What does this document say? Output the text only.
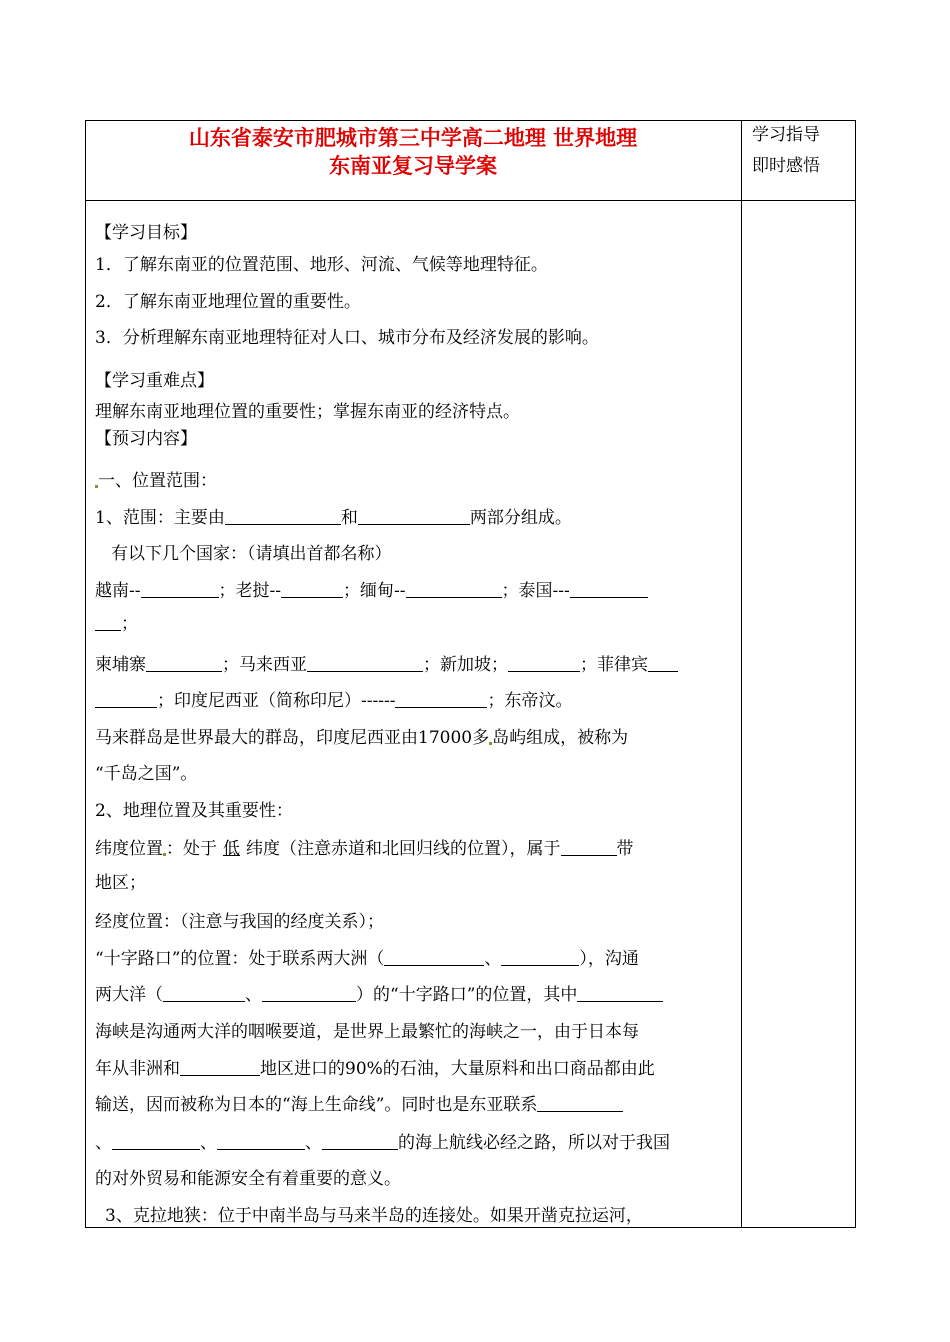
山东省泰安市肥城市第三中学高二地理 世界地理
东南亚复习导学案
学习指导
即时感悟
【学习目标】
1．了解东南亚的位置范围、地形、河流、气候等地理特征。
2．了解东南亚地理位置的重要性。
3．分析理解东南亚地理特征对人口、城市分布及经济发展的影响。
【学习重难点】
理解东南亚地理位置的重要性；掌握东南亚的经济特点。
【预习内容】
一、位置范围：
1、范围：主要由	和	两部分组成。
有以下几个国家：（请填出首都名称）
越南--	；老挝--	；缅甸--	；泰国---
；
柬埔寨	；马来西亚	；新加坡；	；菲律宾
；印度尼西亚（简称印尼）------	；东帝汶。
马来群岛是世界最大的群岛，印度尼西亚由17000多 岛屿组成，被称为
“千岛之国”。
2、地理位置及其重要性：
纬度位置 ：处于 低 纬度（注意赤道和北回归线的位置），属于	带
地区；
经度位置：（注意与我国的经度关系）；
“十字路口”的位置：处于联系两大洲（	、	），沟通
两大洋（	、	）的“十字路口”的位置，其中
海峡是沟通两大洋的咽喉要道，是世界上最繁忙的海峡之一，由于日本每
年从非洲和	地区进口的90%的石油，大量原料和出口商品都由此
输送，因而被称为日本的“海上生命线”。同时也是东亚联系
、	、	、	的海上航线必经之路，所以对于我国
的对外贸易和能源安全有着重要的意义。
3、克拉地狭：位于中南半岛与马来半岛的连接处。如果开凿克拉运河，
